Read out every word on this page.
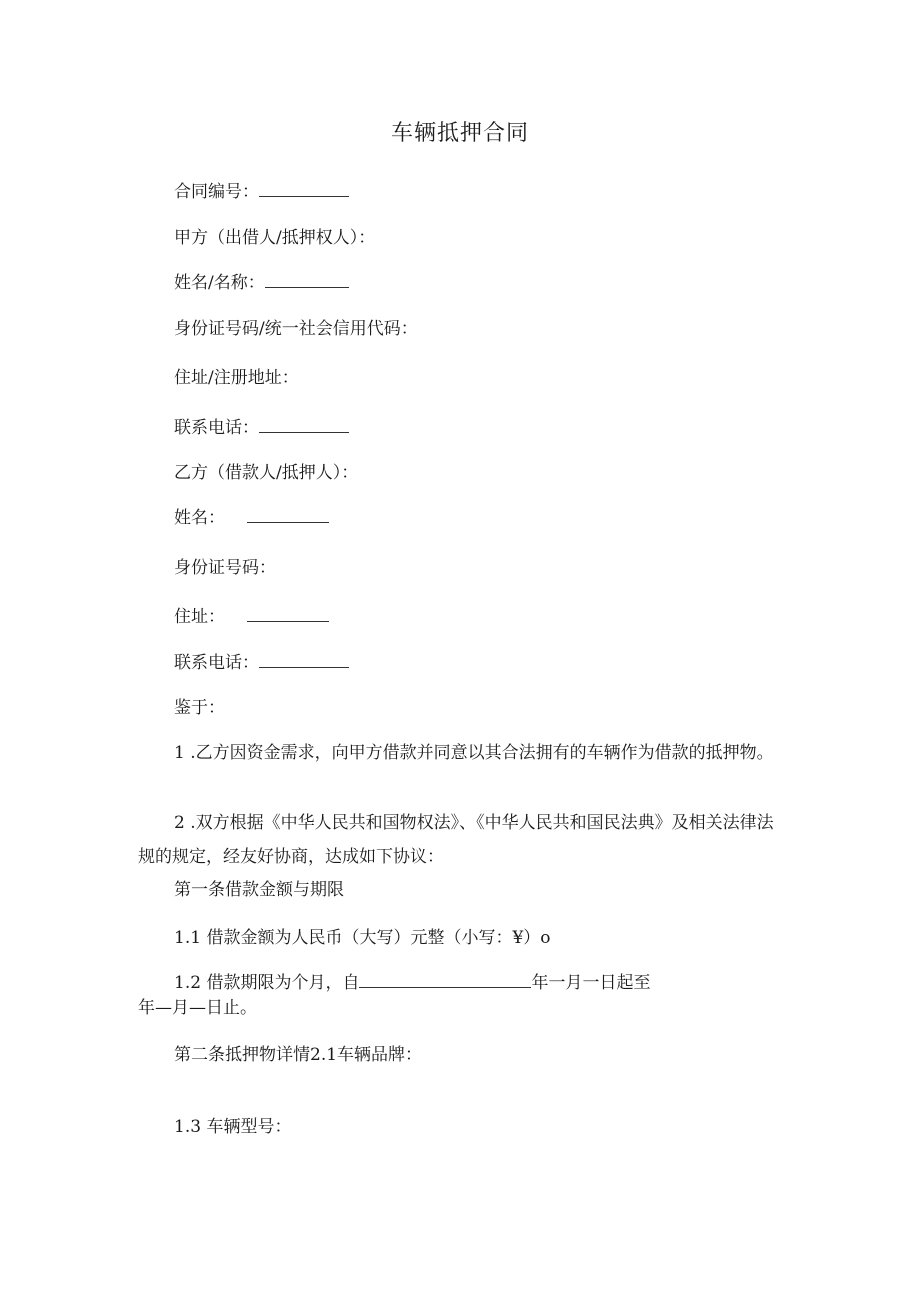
车辆抵押合同
合同编号：
甲方（出借人/抵押权人）：
姓名/名称：
身份证号码/统一社会信用代码：
住址/注册地址：
联系电话：
乙方（借款人/抵押人）：
姓名：
身份证号码：
住址：
联系电话：
鉴于：
1 .乙方因资金需求，向甲方借款并同意以其合法拥有的车辆作为借款的抵押物。
2 .双方根据《中华人民共和国物权法》、《中华人民共和国民法典》及相关法律法规的规定，经友好协商，达成如下协议：
第一条借款金额与期限
1.1 借款金额为人民币（大写）元整（小写：¥）o
1.2 借款期限为个月，自	年一月一日起至
年—月—日止。
第二条抵押物详情2.1车辆品牌：
1.3 车辆型号：
